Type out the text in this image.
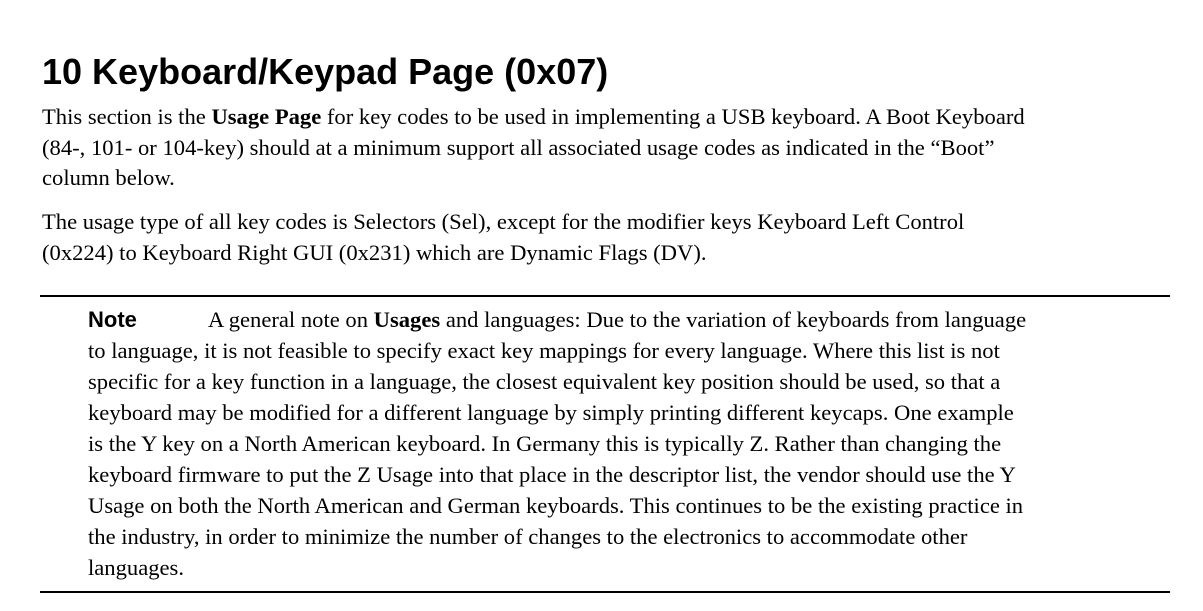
10 Keyboard/Keypad Page (0x07)

This section is the Usage Page for key codes to be used in implementing a USB keyboard. A Boot Keyboard
(84-, 101- or 104-key) should at a minimum support all associated usage codes as indicated in the “Boot”
column below.

The usage type of all key codes is Selectors (Sel), except for the modifier keys Keyboard Left Control
(0x224) to Keyboard Right GUI (0x231) which are Dynamic Flags (DV).

Note	A general note on Usages and languages: Due to the variation of keyboards from language
to language, it is not feasible to specify exact key mappings for every language. Where this list is not
specific for a key function in a language, the closest equivalent key position should be used, so that a
keyboard may be modified for a different language by simply printing different keycaps. One example
is the Y key on a North American keyboard. In Germany this is typically Z. Rather than changing the
keyboard firmware to put the Z Usage into that place in the descriptor list, the vendor should use the Y
Usage on both the North American and German keyboards. This continues to be the existing practice in
the industry, in order to minimize the number of changes to the electronics to accommodate other
languages.
